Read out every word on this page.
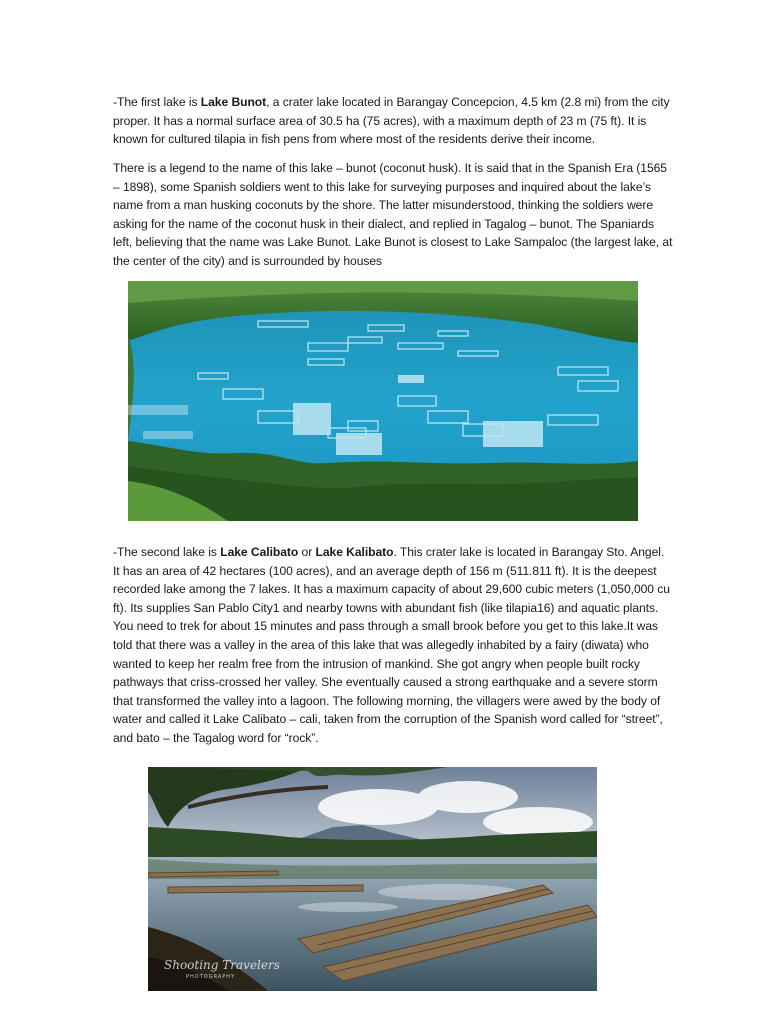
-The first lake is Lake Bunot, a crater lake located in Barangay Concepcion, 4.5 km (2.8 mi) from the city proper. It has a normal surface area of 30.5 ha (75 acres), with a maximum depth of 23 m (75 ft). It is known for cultured tilapia in fish pens from where most of the residents derive their income.

There is a legend to the name of this lake – bunot (coconut husk). It is said that in the Spanish Era (1565 – 1898), some Spanish soldiers went to this lake for surveying purposes and inquired about the lake’s name from a man husking coconuts by the shore. The latter misunderstood, thinking the soldiers were asking for the name of the coconut husk in their dialect, and replied in Tagalog – bunot. The Spaniards left, believing that the name was Lake Bunot. Lake Bunot is closest to Lake Sampaloc (the largest lake, at the center of the city) and is surrounded by houses

-The second lake is Lake Calibato or Lake Kalibato. This crater lake is located in Barangay Sto. Angel. It has an area of 42 hectares (100 acres), and an average depth of 156 m (511.811 ft). It is the deepest recorded lake among the 7 lakes. It has a maximum capacity of about 29,600 cubic meters (1,050,000 cu ft). Its supplies San Pablo City1 and nearby towns with abundant fish (like tilapia16) and aquatic plants. You need to trek for about 15 minutes and pass through a small brook before you get to this lake.It was told that there was a valley in the area of this lake that was allegedly inhabited by a fairy (diwata) who wanted to keep her realm free from the intrusion of mankind. She got angry when people built rocky pathways that criss-crossed her valley. She eventually caused a strong earthquake and a severe storm that transformed the valley into a lagoon. The following morning, the villagers were awed by the body of water and called it Lake Calibato – cali, taken from the corruption of the Spanish word called for “street”, and bato – the Tagalog word for “rock”.

Shooting Travelers
PHOTOGRAPHY
